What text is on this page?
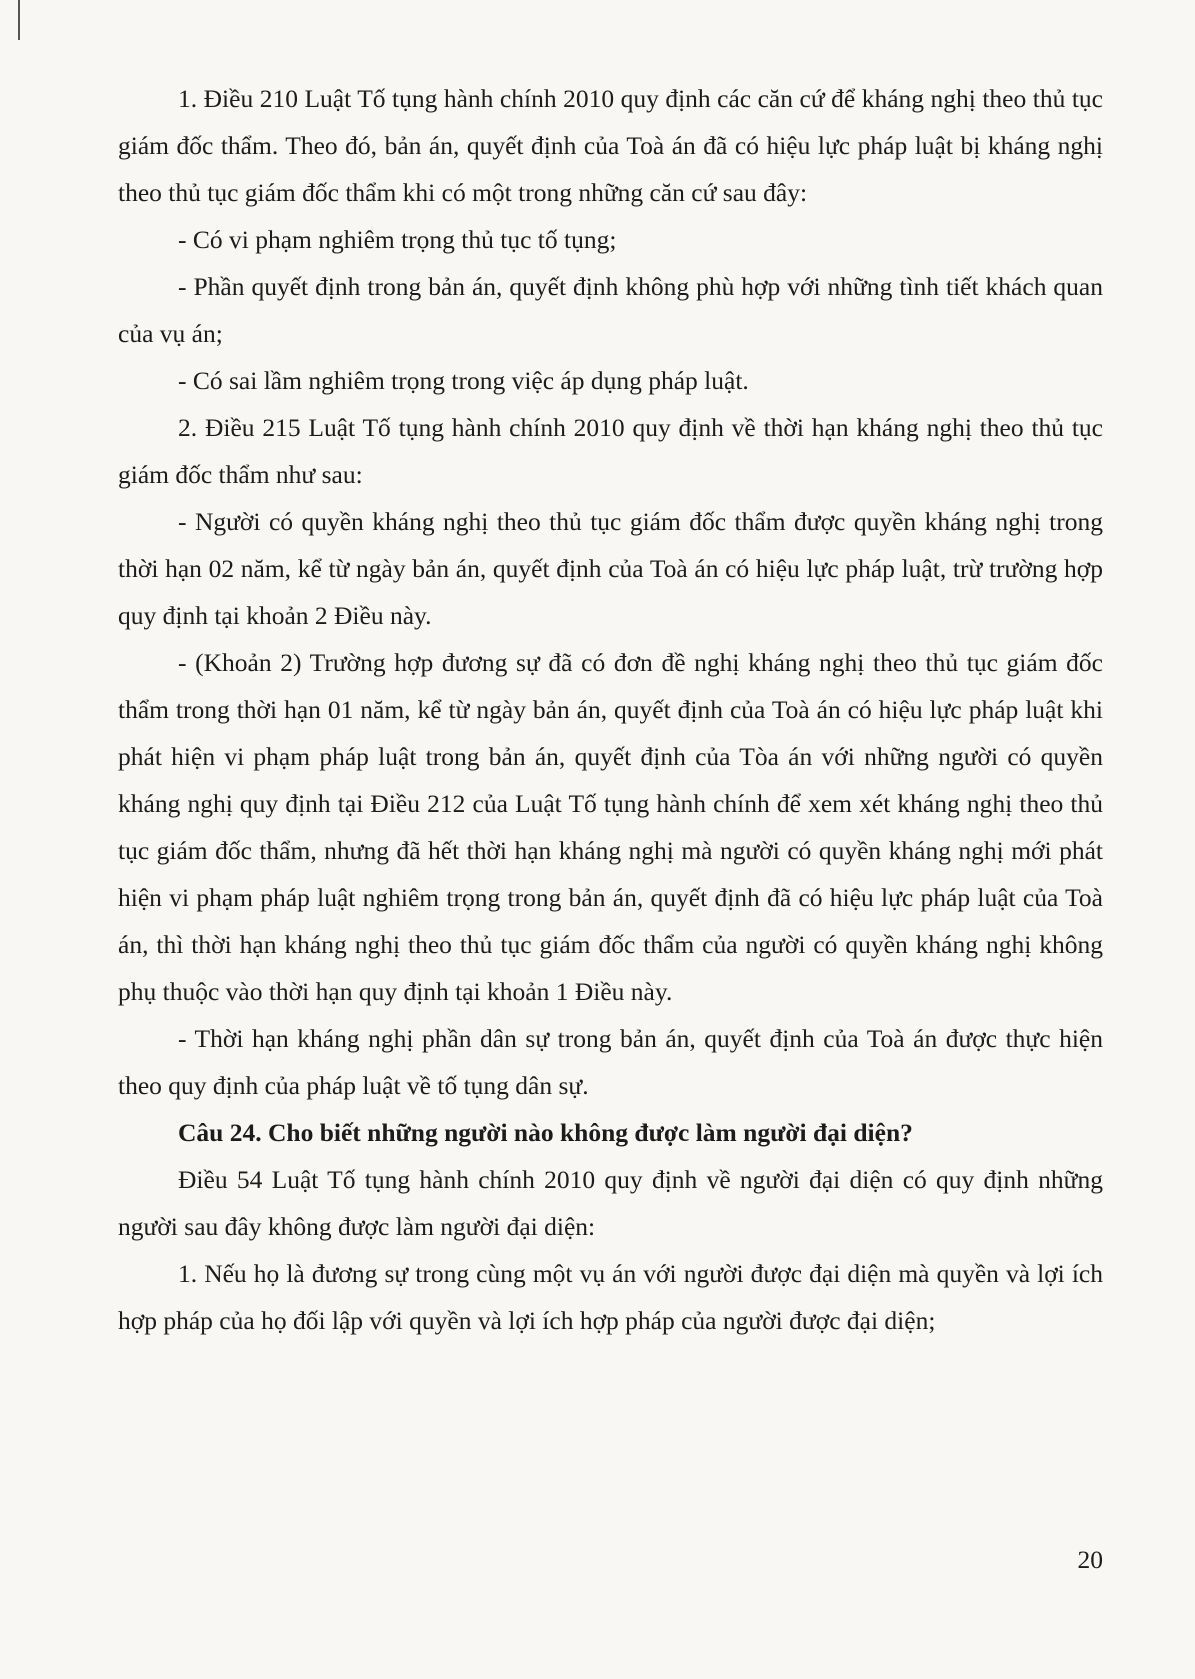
1. Điều 210 Luật Tố tụng hành chính 2010 quy định các căn cứ để kháng nghị theo thủ tục giám đốc thẩm. Theo đó, bản án, quyết định của Toà án đã có hiệu lực pháp luật bị kháng nghị theo thủ tục giám đốc thẩm khi có một trong những căn cứ sau đây:

- Có vi phạm nghiêm trọng thủ tục tố tụng;

- Phần quyết định trong bản án, quyết định không phù hợp với những tình tiết khách quan của vụ án;

- Có sai lầm nghiêm trọng trong việc áp dụng pháp luật.

2. Điều 215 Luật Tố tụng hành chính 2010 quy định về thời hạn kháng nghị theo thủ tục giám đốc thẩm như sau:

- Người có quyền kháng nghị theo thủ tục giám đốc thẩm được quyền kháng nghị trong thời hạn 02 năm, kể từ ngày bản án, quyết định của Toà án có hiệu lực pháp luật, trừ trường hợp quy định tại khoản 2 Điều này.

- (Khoản 2) Trường hợp đương sự đã có đơn đề nghị kháng nghị theo thủ tục giám đốc thẩm trong thời hạn 01 năm, kể từ ngày bản án, quyết định của Toà án có hiệu lực pháp luật khi phát hiện vi phạm pháp luật trong bản án, quyết định của Tòa án với những người có quyền kháng nghị quy định tại Điều 212 của Luật Tố tụng hành chính để xem xét kháng nghị theo thủ tục giám đốc thẩm, nhưng đã hết thời hạn kháng nghị mà người có quyền kháng nghị mới phát hiện vi phạm pháp luật nghiêm trọng trong bản án, quyết định đã có hiệu lực pháp luật của Toà án, thì thời hạn kháng nghị theo thủ tục giám đốc thẩm của người có quyền kháng nghị không phụ thuộc vào thời hạn quy định tại khoản 1 Điều này.

- Thời hạn kháng nghị phần dân sự trong bản án, quyết định của Toà án được thực hiện theo quy định của pháp luật về tố tụng dân sự.

Câu 24. Cho biết những người nào không được làm người đại diện?

Điều 54 Luật Tố tụng hành chính 2010 quy định về người đại diện có quy định những người sau đây không được làm người đại diện:

1. Nếu họ là đương sự trong cùng một vụ án với người được đại diện mà quyền và lợi ích hợp pháp của họ đối lập với quyền và lợi ích hợp pháp của người được đại diện;

20
